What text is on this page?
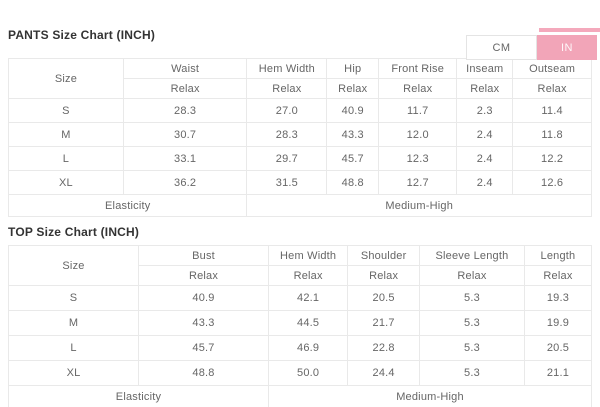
CM	IN
PANTS Size Chart (INCH)
Size	Waist	Hem Width	Hip	Front Rise	Inseam	Outseam
	Relax	Relax	Relax	Relax	Relax	Relax
S	28.3	27.0	40.9	11.7	2.3	11.4
M	30.7	28.3	43.3	12.0	2.4	11.8
L	33.1	29.7	45.7	12.3	2.4	12.2
XL	36.2	31.5	48.8	12.7	2.4	12.6
Elasticity		Medium-High				
TOP Size Chart (INCH)
Size	Bust	Hem Width	Shoulder	Sleeve Length	Length
	Relax	Relax	Relax	Relax	Relax
S	40.9	42.1	20.5	5.3	19.3
M	43.3	44.5	21.7	5.3	19.9
L	45.7	46.9	22.8	5.3	20.5
XL	48.8	50.0	24.4	5.3	21.1
Elasticity		Medium-High			
